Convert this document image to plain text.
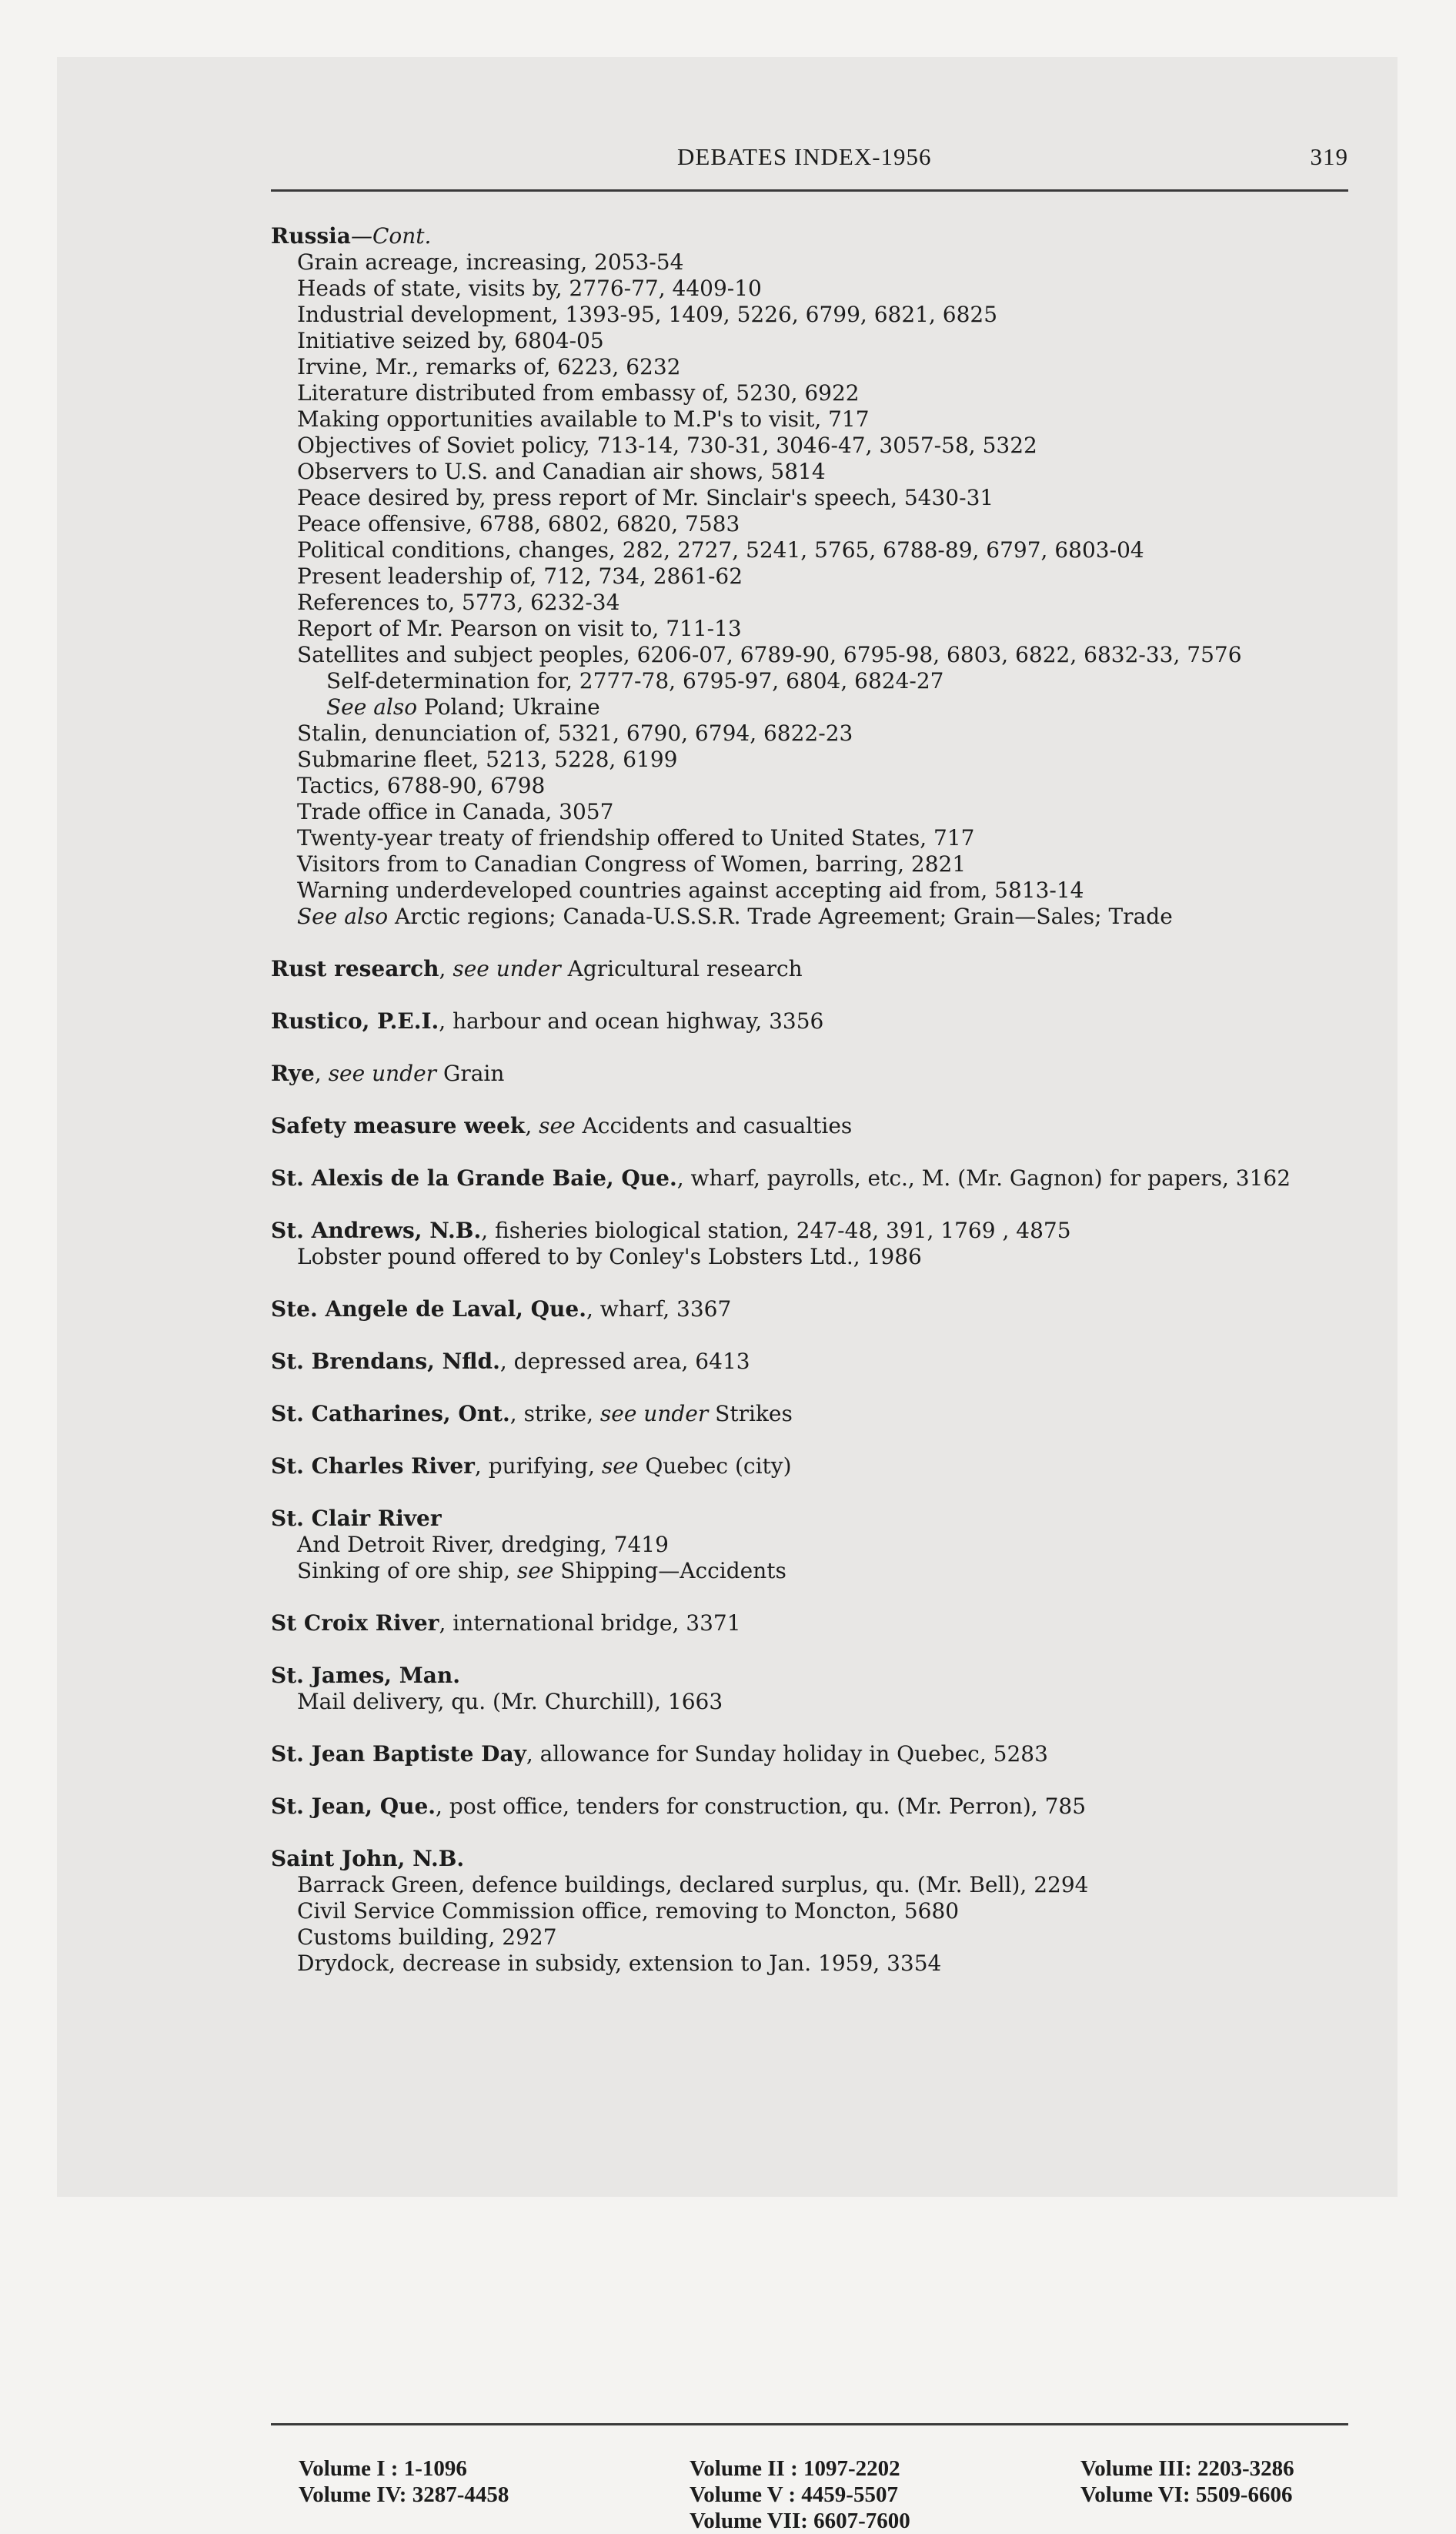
DEBATES INDEX-1956	319
Russia—Cont.
Grain acreage, increasing, 2053-54
Heads of state, visits by, 2776-77, 4409-10
Industrial development, 1393-95, 1409, 5226, 6799, 6821, 6825
Initiative seized by, 6804-05
Irvine, Mr., remarks of, 6223, 6232
Literature distributed from embassy of, 5230, 6922
Making opportunities available to M.P's to visit, 717
Objectives of Soviet policy, 713-14, 730-31, 3046-47, 3057-58, 5322
Observers to U.S. and Canadian air shows, 5814
Peace desired by, press report of Mr. Sinclair's speech, 5430-31
Peace offensive, 6788, 6802, 6820, 7583
Political conditions, changes, 282, 2727, 5241, 5765, 6788-89, 6797, 6803-04
Present leadership of, 712, 734, 2861-62
References to, 5773, 6232-34
Report of Mr. Pearson on visit to, 711-13
Satellites and subject peoples, 6206-07, 6789-90, 6795-98, 6803, 6822, 6832-33, 7576
Self-determination for, 2777-78, 6795-97, 6804, 6824-27
See also Poland; Ukraine
Stalin, denunciation of, 5321, 6790, 6794, 6822-23
Submarine fleet, 5213, 5228, 6199
Tactics, 6788-90, 6798
Trade office in Canada, 3057
Twenty-year treaty of friendship offered to United States, 717
Visitors from to Canadian Congress of Women, barring, 2821
Warning underdeveloped countries against accepting aid from, 5813-14
See also Arctic regions; Canada-U.S.S.R. Trade Agreement; Grain—Sales; Trade
Rust research, see under Agricultural research
Rustico, P.E.I., harbour and ocean highway, 3356
Rye, see under Grain
Safety measure week, see Accidents and casualties
St. Alexis de la Grande Baie, Que., wharf, payrolls, etc., M. (Mr. Gagnon) for papers, 3162
St. Andrews, N.B., fisheries biological station, 247-48, 391, 1769 , 4875
Lobster pound offered to by Conley's Lobsters Ltd., 1986
Ste. Angele de Laval, Que., wharf, 3367
St. Brendans, Nfld., depressed area, 6413
St. Catharines, Ont., strike, see under Strikes
St. Charles River, purifying, see Quebec (city)
St. Clair River
And Detroit River, dredging, 7419
Sinking of ore ship, see Shipping—Accidents
St Croix River, international bridge, 3371
St. James, Man.
Mail delivery, qu. (Mr. Churchill), 1663
St. Jean Baptiste Day, allowance for Sunday holiday in Quebec, 5283
St. Jean, Que., post office, tenders for construction, qu. (Mr. Perron), 785
Saint John, N.B.
Barrack Green, defence buildings, declared surplus, qu. (Mr. Bell), 2294
Civil Service Commission office, removing to Moncton, 5680
Customs building, 2927
Drydock, decrease in subsidy, extension to Jan. 1959, 3354
Volume I : 1-1096
Volume IV: 3287-4458
Volume II : 1097-2202
Volume V : 4459-5507
Volume VII: 6607-7600
Volume III: 2203-3286
Volume VI: 5509-6606
